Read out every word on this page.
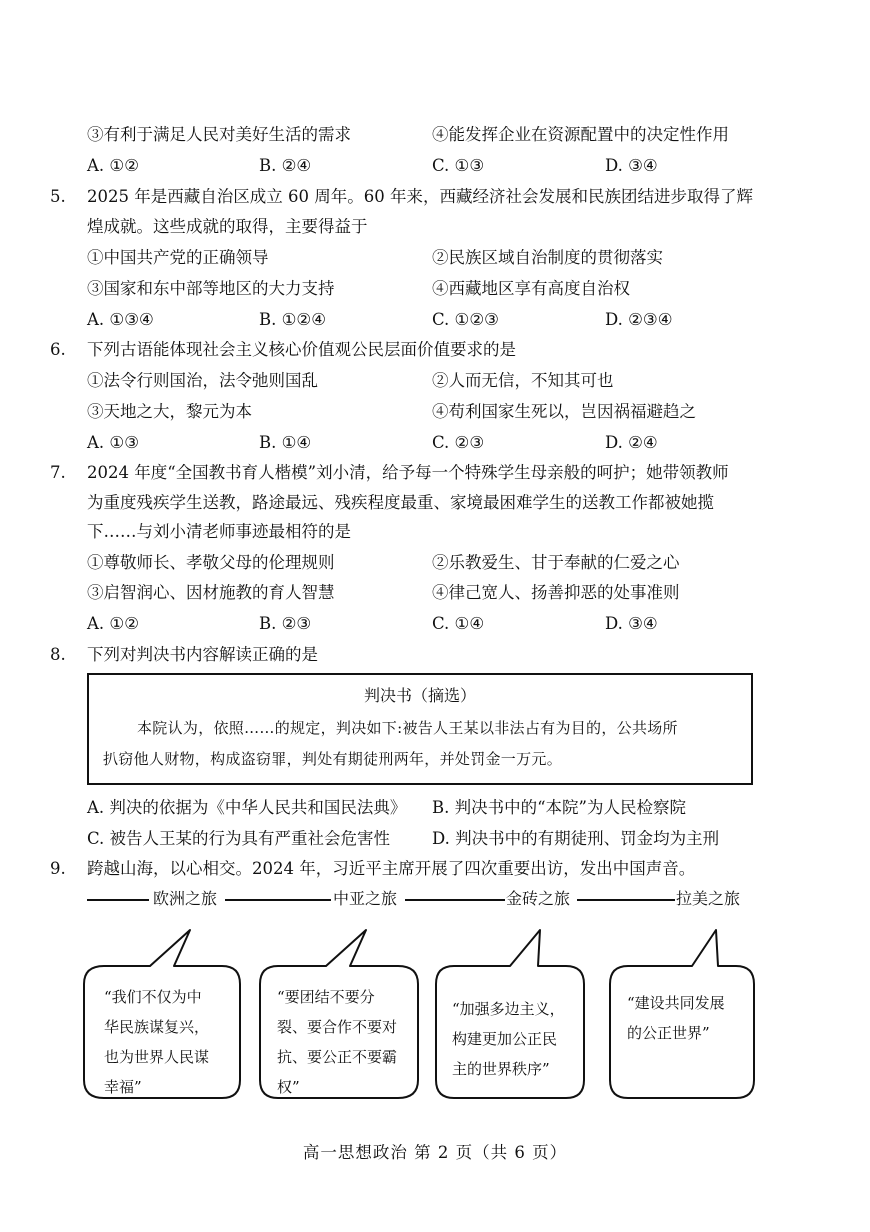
③有利于满足人民对美好生活的需求	④能发挥企业在资源配置中的决定性作用
A. ①②	B. ②④	C. ①③	D. ③④
5. 2025 年是西藏自治区成立 60 周年。60 年来，西藏经济社会发展和民族团结进步取得了辉
煌成就。这些成就的取得，主要得益于
①中国共产党的正确领导	②民族区域自治制度的贯彻落实
③国家和东中部等地区的大力支持	④西藏地区享有高度自治权
A. ①③④	B. ①②④	C. ①②③	D. ②③④
6. 下列古语能体现社会主义核心价值观公民层面价值要求的是
①法令行则国治，法令弛则国乱	②人而无信，不知其可也
③天地之大，黎元为本	④苟利国家生死以，岂因祸福避趋之
A. ①③	B. ①④	C. ②③	D. ②④
7. 2024 年度“全国教书育人楷模”刘小清，给予每一个特殊学生母亲般的呵护；她带领教师
为重度残疾学生送教，路途最远、残疾程度最重、家境最困难学生的送教工作都被她揽
下……与刘小清老师事迹最相符的是
①尊敬师长、孝敬父母的伦理规则	②乐教爱生、甘于奉献的仁爱之心
③启智润心、因材施教的育人智慧	④律己宽人、扬善抑恶的处事准则
A. ①②	B. ②③	C. ①④	D. ③④
8. 下列对判决书内容解读正确的是
判决书（摘选）
本院认为，依照……的规定，判决如下:被告人王某以非法占有为目的，公共场所
扒窃他人财物，构成盗窃罪，判处有期徒刑两年，并处罚金一万元。
A. 判决的依据为《中华人民共和国民法典》 B. 判决书中的“本院”为人民检察院
C. 被告人王某的行为具有严重社会危害性	D. 判决书中的有期徒刑、罚金均为主刑
9. 跨越山海，以心相交。2024 年，习近平主席开展了四次重要出访，发出中国声音。
欧洲之旅	中亚之旅	金砖之旅	拉美之旅
“我们不仅为中
华民族谋复兴，
也为世界人民谋
幸福”
“要团结不要分
裂、要合作不要对
抗、要公正不要霸
权”
“加强多边主义，
构建更加公正民
主的世界秩序”
“建设共同发展
的公正世界”
高一思想政治 第 2 页（共 6 页）
